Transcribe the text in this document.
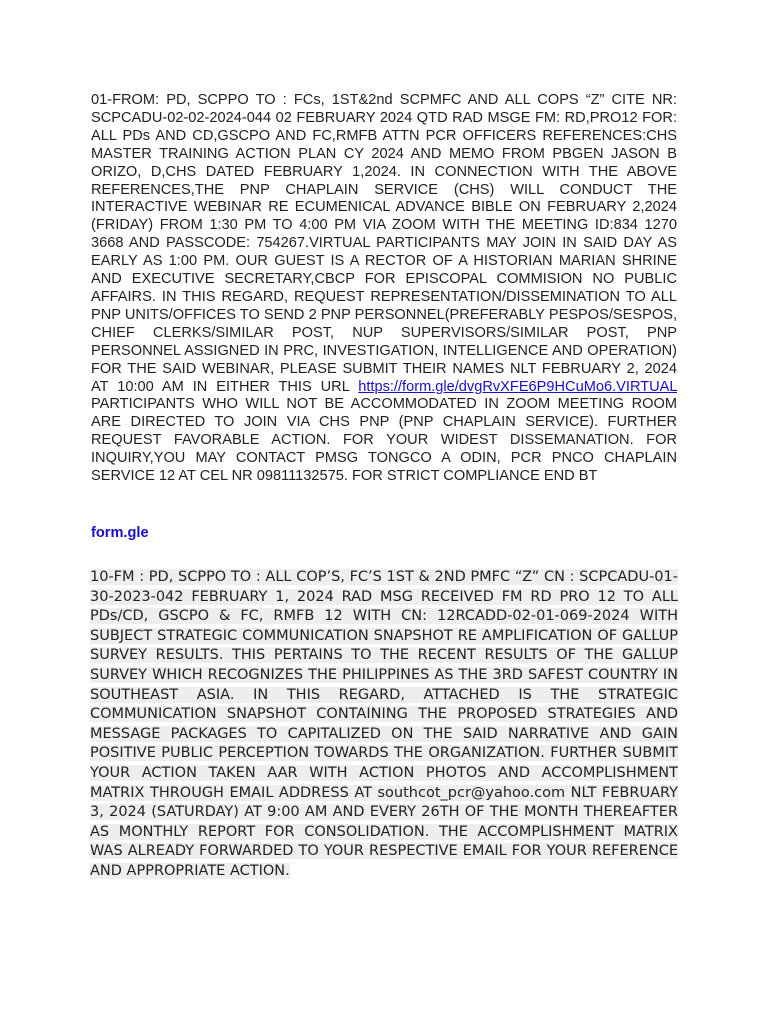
01-FROM: PD, SCPPO TO : FCs, 1ST&2nd SCPMFC AND ALL COPS “Z” CITE NR: SCPCADU-02-02-2024-044 02 FEBRUARY 2024 QTD RAD MSGE FM: RD,PRO12 FOR: ALL PDs AND CD,GSCPO AND FC,RMFB ATTN PCR OFFICERS REFERENCES:CHS MASTER TRAINING ACTION PLAN CY 2024 AND MEMO FROM PBGEN JASON B ORIZO, D,CHS DATED FEBRUARY 1,2024. IN CONNECTION WITH THE ABOVE REFERENCES,THE PNP CHAPLAIN SERVICE (CHS) WILL CONDUCT THE INTERACTIVE WEBINAR RE ECUMENICAL ADVANCE BIBLE ON FEBRUARY 2,2024 (FRIDAY) FROM 1:30 PM TO 4:00 PM VIA ZOOM WITH THE MEETING ID:834 1270 3668 AND PASSCODE: 754267.VIRTUAL PARTICIPANTS MAY JOIN IN SAID DAY AS EARLY AS 1:00 PM. OUR GUEST IS A RECTOR OF A HISTORIAN MARIAN SHRINE AND EXECUTIVE SECRETARY,CBCP FOR EPISCOPAL COMMISION NO PUBLIC AFFAIRS. IN THIS REGARD, REQUEST REPRESENTATION/DISSEMINATION TO ALL PNP UNITS/OFFICES TO SEND 2 PNP PERSONNEL(PREFERABLY PESPOS/SESPOS, CHIEF CLERKS/SIMILAR POST, NUP SUPERVISORS/SIMILAR POST, PNP PERSONNEL ASSIGNED IN PRC, INVESTIGATION, INTELLIGENCE AND OPERATION) FOR THE SAID WEBINAR, PLEASE SUBMIT THEIR NAMES NLT FEBRUARY 2, 2024 AT 10:00 AM IN EITHER THIS URL https://form.gle/dvgRvXFE6P9HCuMo6.VIRTUAL PARTICIPANTS WHO WILL NOT BE ACCOMMODATED IN ZOOM MEETING ROOM ARE DIRECTED TO JOIN VIA CHS PNP (PNP CHAPLAIN SERVICE). FURTHER REQUEST FAVORABLE ACTION. FOR YOUR WIDEST DISSEMANATION. FOR INQUIRY,YOU MAY CONTACT PMSG TONGCO A ODIN, PCR PNCO CHAPLAIN SERVICE 12 AT CEL NR 09811132575. FOR STRICT COMPLIANCE END BT

form.gle

10-FM : PD, SCPPO TO : ALL COP’S, FC’S 1ST & 2ND PMFC “Z” CN : SCPCADU-01-30-2023-042 FEBRUARY 1, 2024 RAD MSG RECEIVED FM RD PRO 12 TO ALL PDs/CD, GSCPO & FC, RMFB 12 WITH CN: 12RCADD-02-01-069-2024 WITH SUBJECT STRATEGIC COMMUNICATION SNAPSHOT RE AMPLIFICATION OF GALLUP SURVEY RESULTS. THIS PERTAINS TO THE RECENT RESULTS OF THE GALLUP SURVEY WHICH RECOGNIZES THE PHILIPPINES AS THE 3RD SAFEST COUNTRY IN SOUTHEAST ASIA. IN THIS REGARD, ATTACHED IS THE STRATEGIC COMMUNICATION SNAPSHOT CONTAINING THE PROPOSED STRATEGIES AND MESSAGE PACKAGES TO CAPITALIZED ON THE SAID NARRATIVE AND GAIN POSITIVE PUBLIC PERCEPTION TOWARDS THE ORGANIZATION. FURTHER SUBMIT YOUR ACTION TAKEN AAR WITH ACTION PHOTOS AND ACCOMPLISHMENT MATRIX THROUGH EMAIL ADDRESS AT southcot_pcr@yahoo.com NLT FEBRUARY 3, 2024 (SATURDAY) AT 9:00 AM AND EVERY 26TH OF THE MONTH THEREAFTER AS MONTHLY REPORT FOR CONSOLIDATION. THE ACCOMPLISHMENT MATRIX WAS ALREADY FORWARDED TO YOUR RESPECTIVE EMAIL FOR YOUR REFERENCE AND APPROPRIATE ACTION.
